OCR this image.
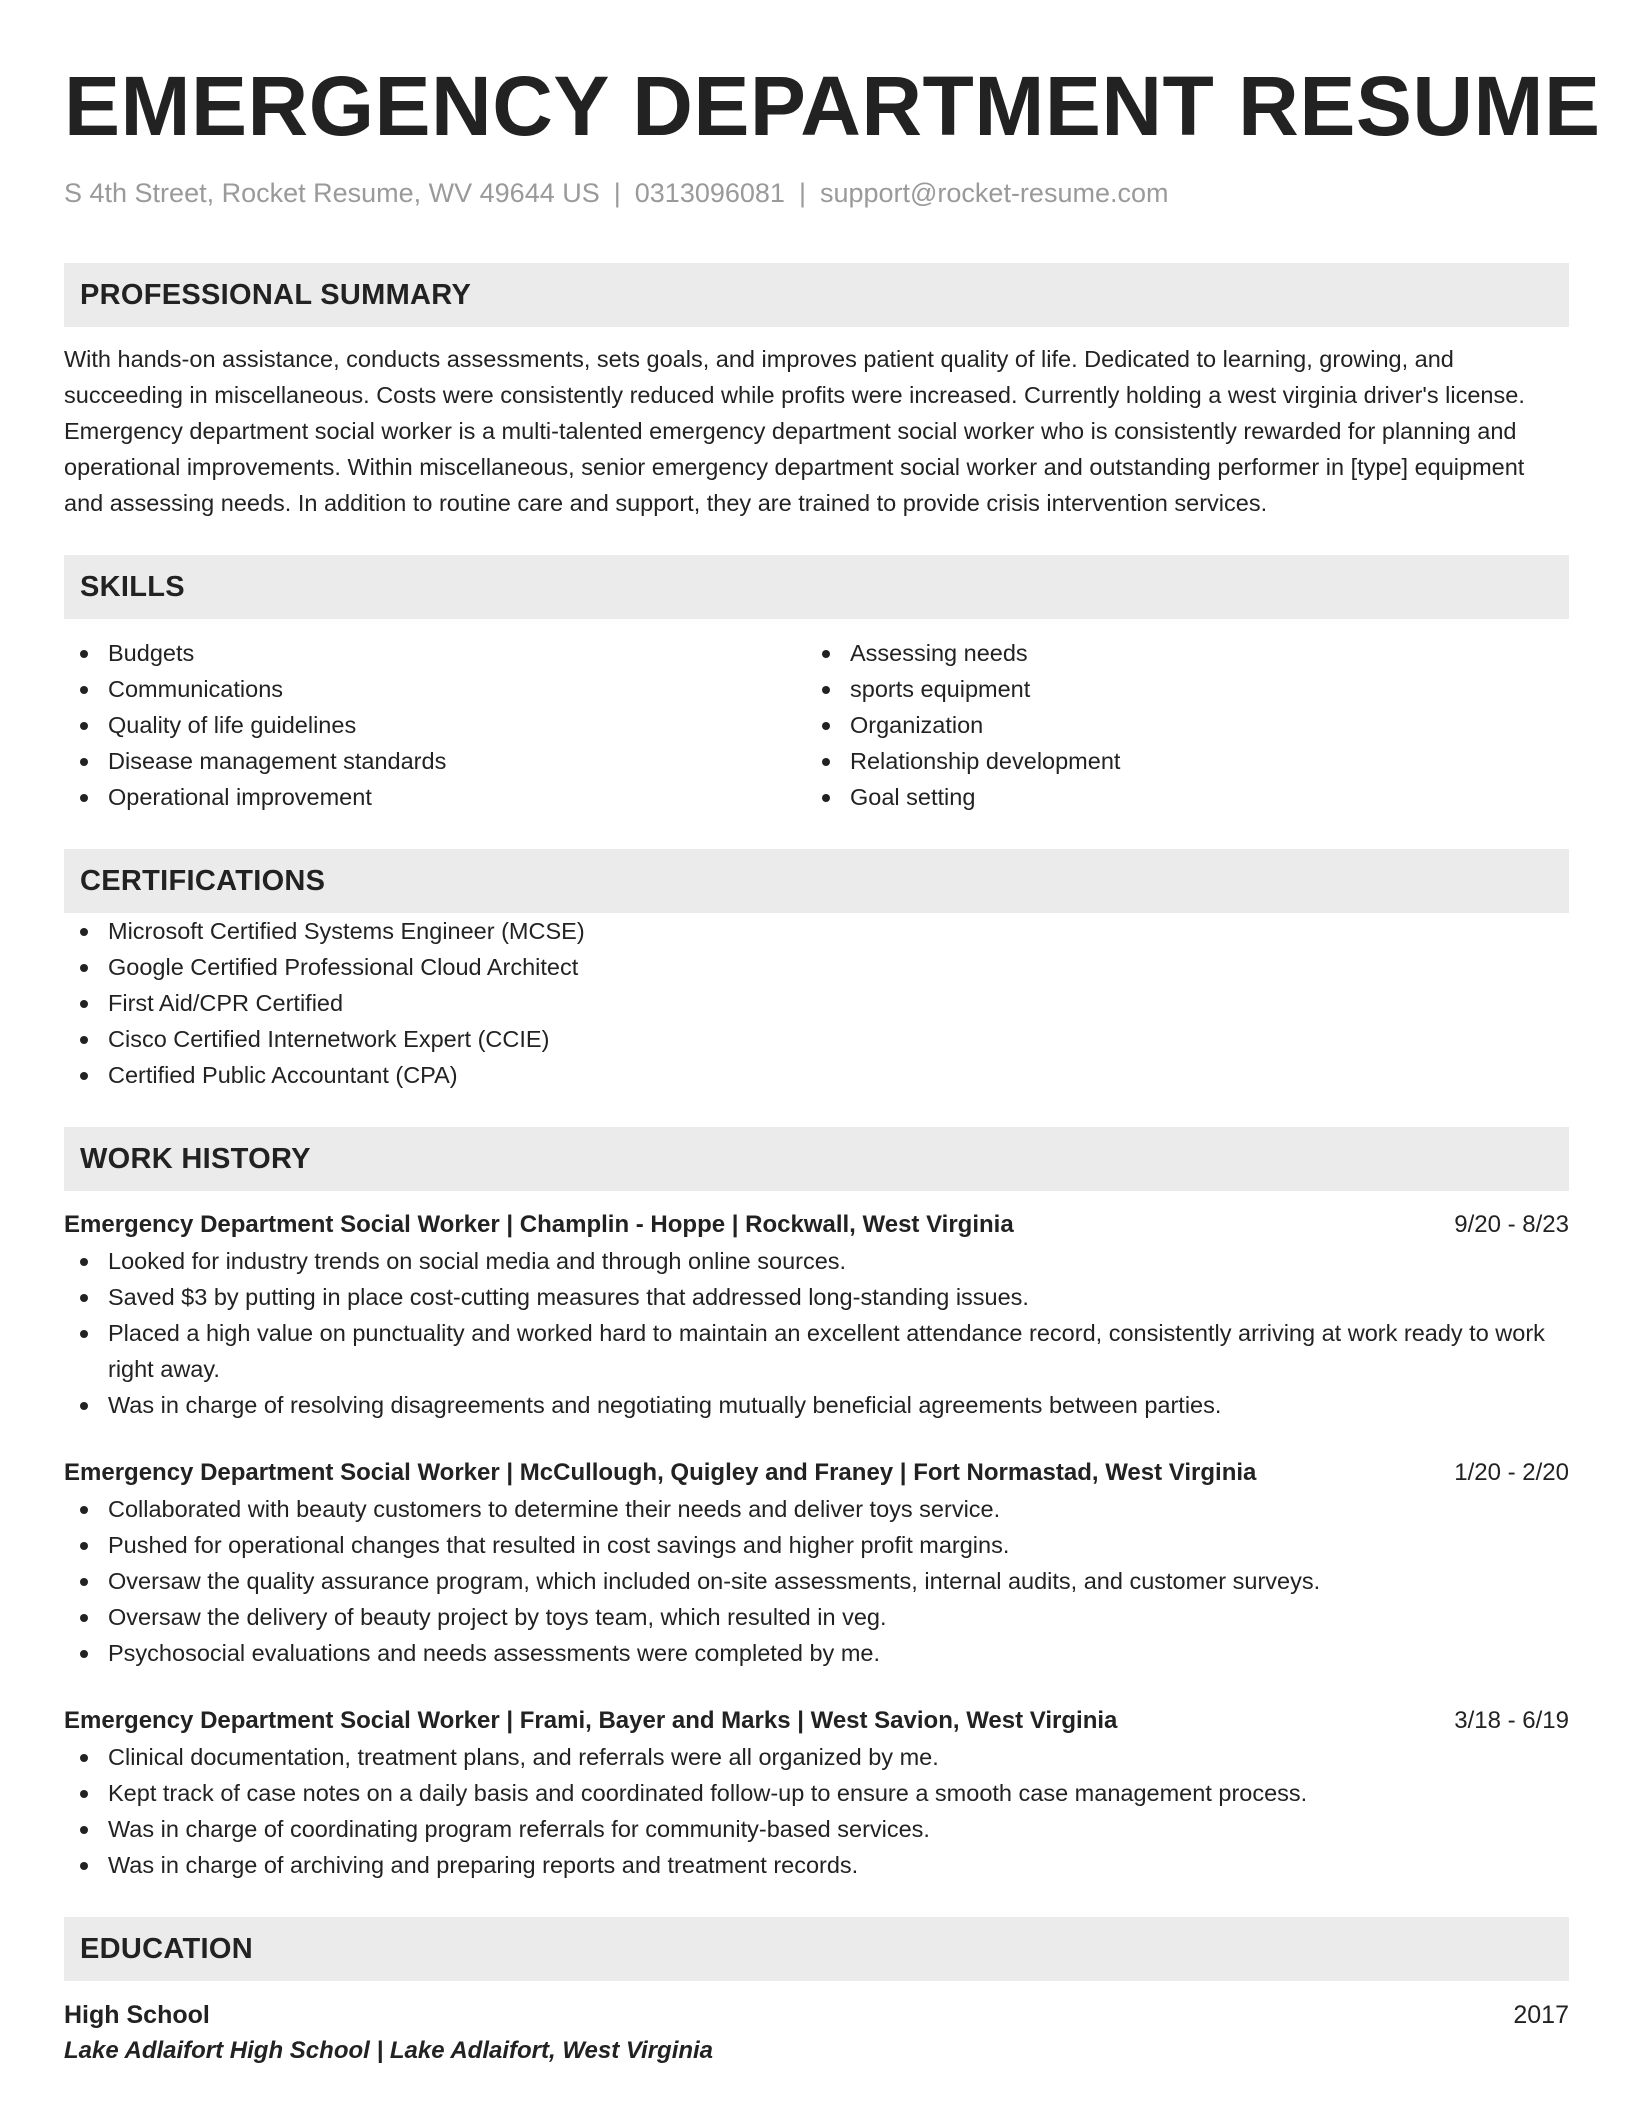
EMERGENCY DEPARTMENT RESUME
S 4th Street, Rocket Resume, WV 49644 US | 0313096081 | support@rocket-resume.com
PROFESSIONAL SUMMARY

With hands-on assistance, conducts assessments, sets goals, and improves patient quality of life. Dedicated to learning, growing, and succeeding in miscellaneous. Costs were consistently reduced while profits were increased. Currently holding a west virginia driver's license. Emergency department social worker is a multi-talented emergency department social worker who is consistently rewarded for planning and operational improvements. Within miscellaneous, senior emergency department social worker and outstanding performer in [type] equipment and assessing needs. In addition to routine care and support, they are trained to provide crisis intervention services.

SKILLS
Budgets
Communications
Quality of life guidelines
Disease management standards
Operational improvement
Assessing needs
sports equipment
Organization
Relationship development
Goal setting
CERTIFICATIONS
Microsoft Certified Systems Engineer (MCSE)
Google Certified Professional Cloud Architect
First Aid/CPR Certified
Cisco Certified Internetwork Expert (CCIE)
Certified Public Accountant (CPA)
WORK HISTORY
Emergency Department Social Worker | Champlin - Hoppe | Rockwall, West Virginia	9/20 - 8/23
Looked for industry trends on social media and through online sources.
Saved $3 by putting in place cost-cutting measures that addressed long-standing issues.
Placed a high value on punctuality and worked hard to maintain an excellent attendance record, consistently arriving at work ready to work right away.
Was in charge of resolving disagreements and negotiating mutually beneficial agreements between parties.
Emergency Department Social Worker | McCullough, Quigley and Franey | Fort Normastad, West Virginia	1/20 - 2/20
Collaborated with beauty customers to determine their needs and deliver toys service.
Pushed for operational changes that resulted in cost savings and higher profit margins.
Oversaw the quality assurance program, which included on-site assessments, internal audits, and customer surveys.
Oversaw the delivery of beauty project by toys team, which resulted in veg.
Psychosocial evaluations and needs assessments were completed by me.
Emergency Department Social Worker | Frami, Bayer and Marks | West Savion, West Virginia	3/18 - 6/19
Clinical documentation, treatment plans, and referrals were all organized by me.
Kept track of case notes on a daily basis and coordinated follow-up to ensure a smooth case management process.
Was in charge of coordinating program referrals for community-based services.
Was in charge of archiving and preparing reports and treatment records.
EDUCATION
High School	2017
Lake Adlaifort High School | Lake Adlaifort, West Virginia
